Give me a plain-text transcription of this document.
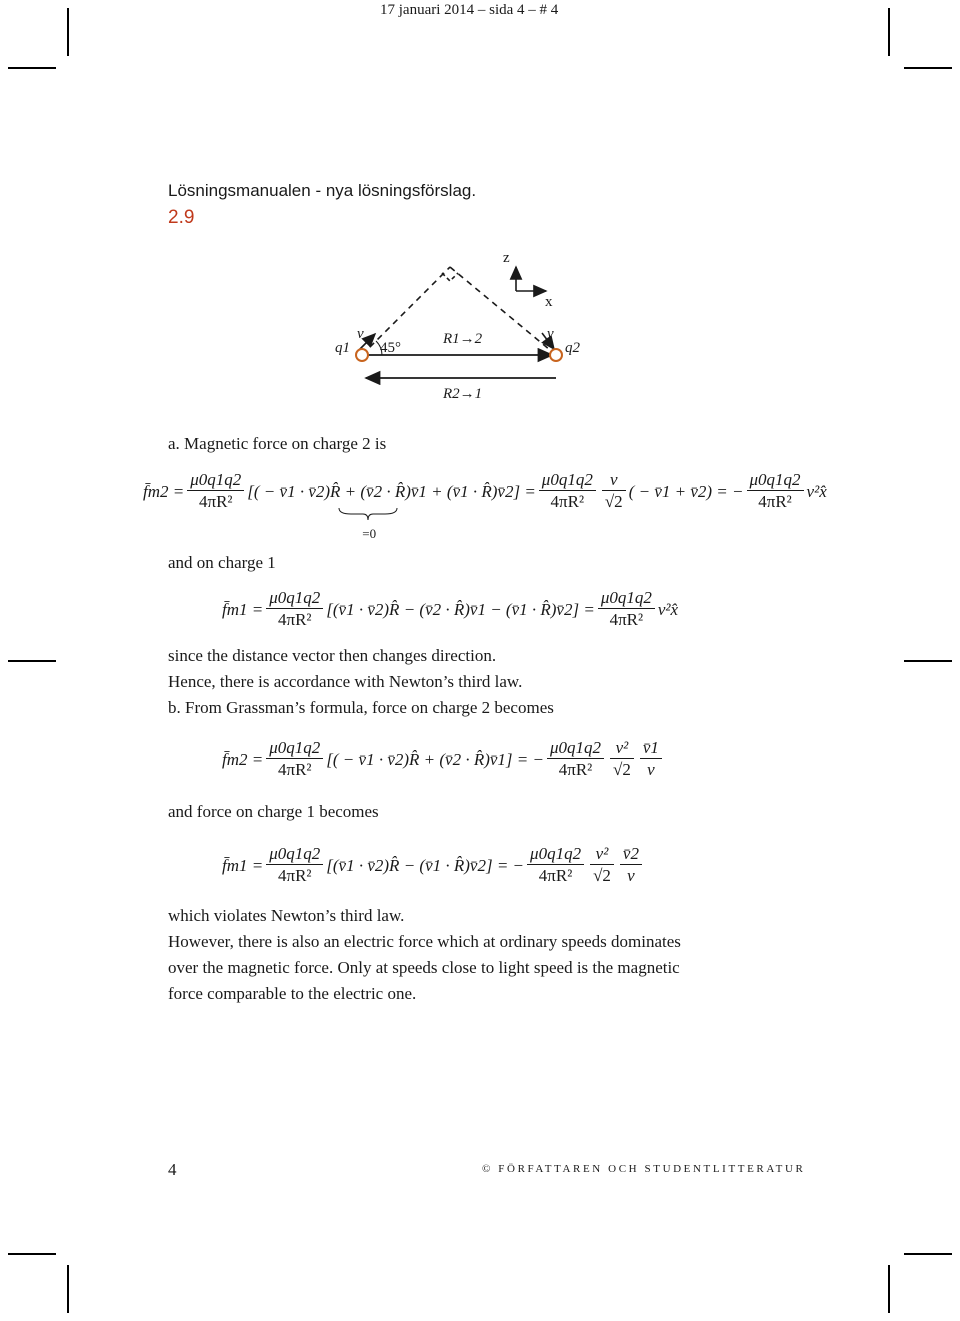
17 januari 2014 – sida 4 – # 4
Lösningsmanualen - nya lösningsförslag.
2.9
z
x
v	v
45°
q1	q2
R1→2
R2→1
a. Magnetic force on charge 2 is
f̄m2 = $\frac{\mu 0q1q2}{\text{4πR²}}$ [( − v̄1 · v̄2)R̂ + (v̄2 · R̂)v̄1 + (v̄1 · R̂)v̄2] =
=0
$\frac{\mu 0q1q2}{\text{4πR²}} \frac{v}{√2}$ ( − v̄1 + v̄2) = − $\frac{\mu 0q1q2}{\text{4πR²}}$ v²x̂
and on charge 1
f̄m1 = $\frac{\mu 0q1q2}{\text{4πR²}}$ [(v̄1 · v̄2)R̂ − (v̄2 · R̂)v̄1 − (v̄1 · R̂)v̄2] = $\frac{\mu 0q1q2}{\text{4πR²}}$ v²x̂
since the distance vector then changes direction.
Hence, there is accordance with Newton’s third law.
b. From Grassman’s formula, force on charge 2 becomes
f̄m2 = $\frac{\mu 0q1q2}{\text{4πR²}}$ [( − v̄1 · v̄2)R̂ + (v̄2 · R̂)v̄1] = − $\frac{\mu 0q1q2}{\text{4πR²}} \frac{\text{v²}}{√2} \frac{v̄1}{v}$
and force on charge 1 becomes
f̄m1 = $\frac{\mu 0q1q2}{\text{4πR²}}$ [(v̄1 · v̄2)R̂ − (v̄1 · R̂)v̄2] = − $\frac{\mu 0q1q2}{\text{4πR²}} \frac{\text{v²}}{√2} \frac{v̄2}{v}$
which violates Newton’s third law.
However, there is also an electric force which at ordinary speeds dominates
over the magnetic force. Only at speeds close to light speed is the magnetic
force comparable to the electric one.
4	© FÖRFATTAREN OCH STUDENTLITTERATUR
